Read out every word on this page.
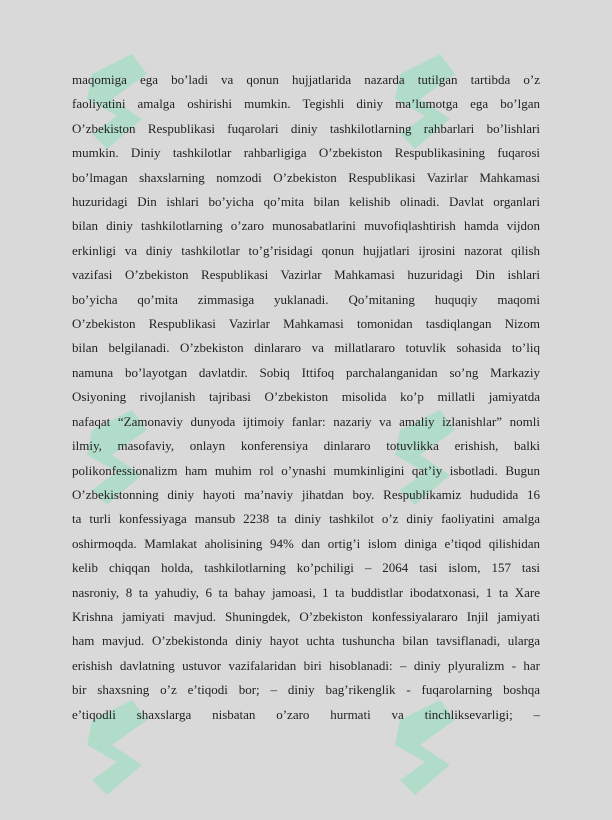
maqomiga ega bo’ladi va qonun hujjatlarida nazarda tutilgan tartibda o’z
faoliyatini amalga oshirishi mumkin. Tegishli diniy ma’lumotga ega bo’lgan
O’zbekiston Respublikasi fuqarolari diniy tashkilotlarning rahbarlari bo’lishlari
mumkin. Diniy tashkilotlar rahbarligiga O’zbekiston Respublikasining fuqarosi
bo’lmagan shaxslarning nomzodi O’zbekiston Respublikasi Vazirlar Mahkamasi
huzuridagi Din ishlari bo’yicha qo’mita bilan kelishib olinadi. Davlat organlari
bilan diniy tashkilotlarning o’zaro munosabatlarini muvofiqlashtirish hamda vijdon
erkinligi va diniy tashkilotlar to’g’risidagi qonun hujjatlari ijrosini nazorat qilish
vazifasi O’zbekiston Respublikasi Vazirlar Mahkamasi huzuridagi Din ishlari
bo’yicha qo’mita zimmasiga yuklanadi. Qo’mitaning huquqiy maqomi
O’zbekiston Respublikasi Vazirlar Mahkamasi tomonidan tasdiqlangan Nizom
bilan belgilanadi. O’zbekiston dinlararo va millatlararo totuvlik sohasida to’liq
namuna bo’layotgan davlatdir. Sobiq Ittifoq parchalanganidan so’ng Markaziy
Osiyoning rivojlanish tajribasi O’zbekiston misolida ko’p millatli jamiyatda
nafaqat “Zamonaviy dunyoda ijtimoiy fanlar: nazariy va amaliy izlanishlar” nomli
ilmiy, masofaviy, onlayn konferensiya dinlararo totuvlikka erishish, balki
polikonfessionalizm ham muhim rol o’ynashi mumkinligini qat’iy isbotladi. Bugun
O’zbekistonning diniy hayoti ma’naviy jihatdan boy. Respublikamiz hududida 16
ta turli konfessiyaga mansub 2238 ta diniy tashkilot o’z diniy faoliyatini amalga
oshirmoqda. Mamlakat aholisining 94% dan ortig’i islom diniga e’tiqod qilishidan
kelib chiqqan holda, tashkilotlarning ko’pchiligi – 2064 tasi islom, 157 tasi
nasroniy, 8 ta yahudiy, 6 ta bahay jamoasi, 1 ta buddistlar ibodatxonasi, 1 ta Xare
Krishna jamiyati mavjud. Shuningdek, O’zbekiston konfessiyalararo Injil jamiyati
ham mavjud. O’zbekistonda diniy hayot uchta tushuncha bilan tavsiflanadi, ularga
erishish davlatning ustuvor vazifalaridan biri hisoblanadi: – diniy plyuralizm - har
bir shaxsning o’z e’tiqodi bor; – diniy bag’rikenglik - fuqarolarning boshqa
e’tiqodli shaxslarga nisbatan o’zaro hurmati va tinchliksevarligi; –
